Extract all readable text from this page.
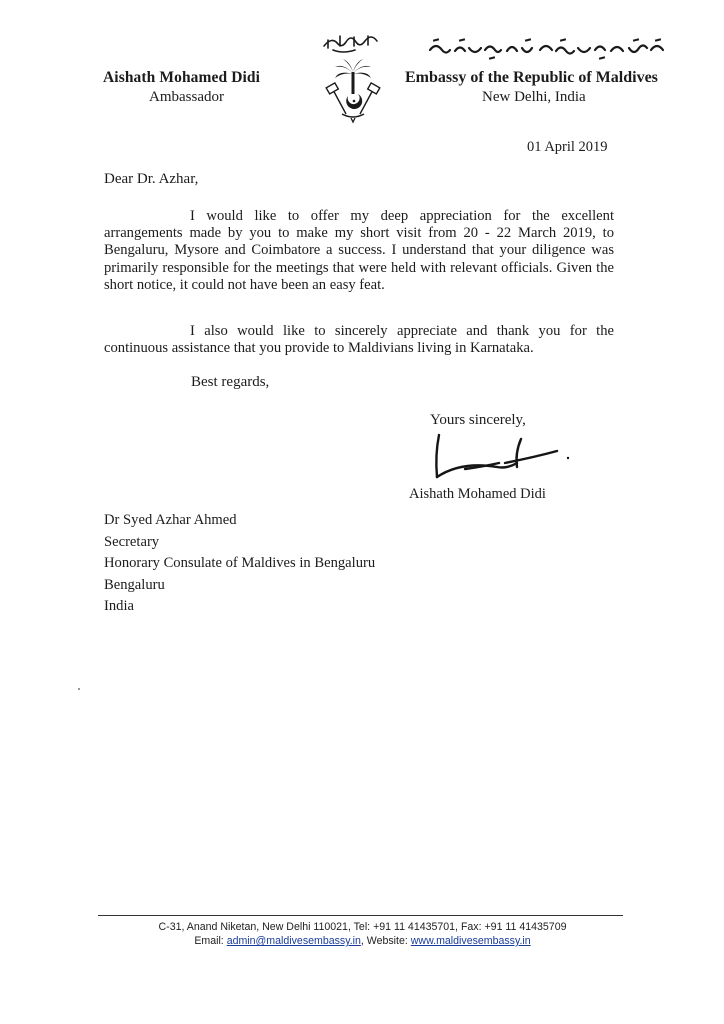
Aishath Mohamed Didi
Ambassador
Embassy of the Republic of Maldives
New Delhi, India
01 April 2019
Dear Dr. Azhar,

I would like to offer my deep appreciation for the excellent arrangements made by you to make my short visit from 20 - 22 March 2019, to Bengaluru, Mysore and Coimbatore a success. I understand that your diligence was primarily responsible for the meetings that were held with relevant officials. Given the short notice, it could not have been an easy feat.

I also would like to sincerely appreciate and thank you for the continuous assistance that you provide to Maldivians living in Karnataka.

Best regards,
Yours sincerely,
Aishath Mohamed Didi
Dr Syed Azhar Ahmed
Secretary
Honorary Consulate of Maldives in Bengaluru
Bengaluru
India
C-31, Anand Niketan, New Delhi 110021, Tel: +91 11 41435701, Fax: +91 11 41435709
Email: admin@maldivesembassy.in, Website: www.maldivesembassy.in
